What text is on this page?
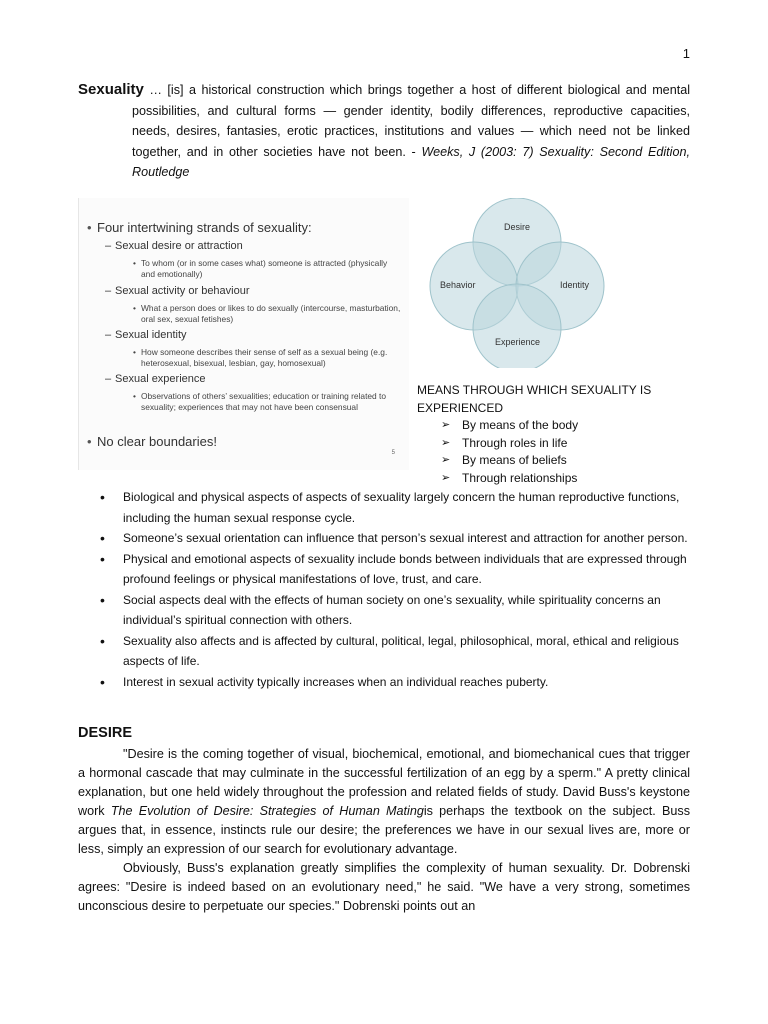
1
Sexuality … [is] a historical construction which brings together a host of different biological and mental possibilities, and cultural forms — gender identity, bodily differences, reproductive capacities, needs, desires, fantasies, erotic practices, institutions and values — which need not be linked together, and in other societies have not been. - Weeks, J (2003: 7) Sexuality: Second Edition, Routledge
• Four intertwining strands of sexuality:
– Sexual desire or attraction
• To whom (or in some cases what) someone is attracted (physically and emotionally)
– Sexual activity or behaviour
• What a person does or likes to do sexually (intercourse, masturbation, oral sex, sexual fetishes)
– Sexual identity
• How someone describes their sense of self as a sexual being (e.g. heterosexual, bisexual, lesbian, gay, homosexual)
– Sexual experience
• Observations of others’ sexualities; education or training related to sexuality; experiences that may not have been consensual
• No clear boundaries!
5
Desire
Behavior	Identity
Experience
MEANS THROUGH WHICH SEXUALITY IS EXPERIENCED
➢ By means of the body
➢ Through roles in life
➢ By means of beliefs
➢ Through relationships
• Biological and physical aspects of aspects of sexuality largely concern the human reproductive functions, including the human sexual response cycle.
• Someone’s sexual orientation can influence that person’s sexual interest and attraction for another person.
• Physical and emotional aspects of sexuality include bonds between individuals that are expressed through profound feelings or physical manifestations of love, trust, and care.
• Social aspects deal with the effects of human society on one’s sexuality, while spirituality concerns an individual’s spiritual connection with others.
• Sexuality also affects and is affected by cultural, political, legal, philosophical, moral, ethical and religious aspects of life.
• Interest in sexual activity typically increases when an individual reaches puberty.
DESIRE

"Desire is the coming together of visual, biochemical, emotional, and biomechanical cues that trigger a hormonal cascade that may culminate in the successful fertilization of an egg by a sperm." A pretty clinical explanation, but one held widely throughout the profession and related fields of study. David Buss's keystone work The Evolution of Desire: Strategies of Human Matingis perhaps the textbook on the subject. Buss argues that, in essence, instincts rule our desire; the preferences we have in our sexual lives are, more or less, simply an expression of our search for evolutionary advantage.

Obviously, Buss's explanation greatly simplifies the complexity of human sexuality. Dr. Dobrenski agrees: "Desire is indeed based on an evolutionary need," he said. "We have a very strong, sometimes unconscious desire to perpetuate our species." Dobrenski points out an
